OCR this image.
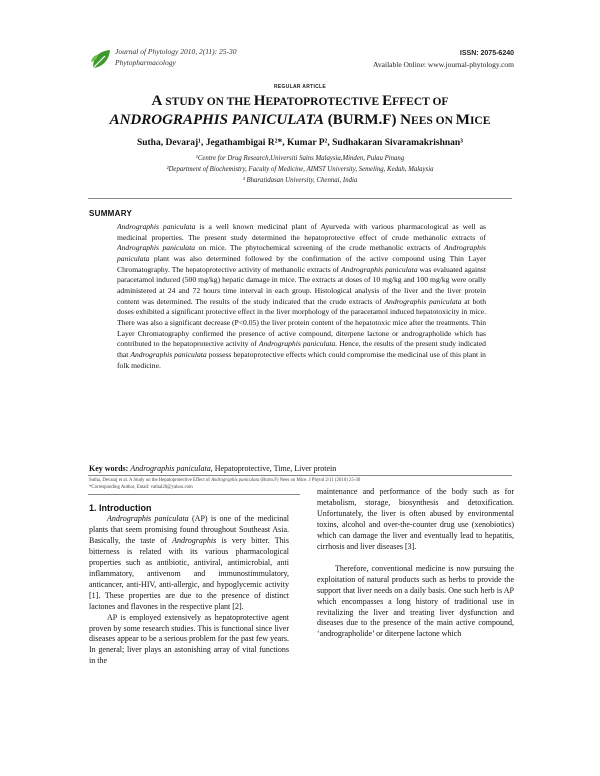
Journal of Phytology 2010, 2(11): 25-30
Phytopharmacology
ISSN: 2075-6240
Available Online: www.journal-phytology.com
REGULAR ARTICLE
A STUDY ON THE HEPATOPROTECTIVE EFFECT OF
ANDROGRAPHIS PANICULATA (BURM.F) NEES ON MICE
Sutha, Devaraj¹, Jegathambigai R²*, Kumar P², Sudhakaran Sivaramakrishnan³
¹Centre for Drug Research,Universiti Sains Malaysia,Minden, Pulau Pinang
²Department of Biochemistry, Faculty of Medicine, AIMST University, Semeling, Kedah, Malaysia
³ Bharatidasan University, Chennai, India
SUMMARY
Andrographis paniculata is a well known medicinal plant of Ayurveda with various pharmacological as well as medicinal properties. The present study determined the hepatoprotective effect of crude methanolic extracts of Andrographis paniculata on mice. The phytochemical screening of the crude methanolic extracts of Andrographis paniculata plant was also determined followed by the confirmation of the active compound using Thin Layer Chromatography. The hepatoprotective activity of methanolic extracts of Andrographis paniculata was evaluated against paracetamol induced (500 mg/kg) hepatic damage in mice. The extracts at doses of 10 mg/kg and 100 mg/kg were orally administered at 24 and 72 hours time interval in each group. Histological analysis of the liver and the liver protein content was determined. The results of the study indicated that the crude extracts of Andrographis paniculata at both doses exhibited a significant protective effect in the liver morphology of the paracetamol induced hepatotoxicity in mice. There was also a significant decrease (P<0.05) the liver protein content of the hepatotoxic mice after the treatments. Thin Layer Chromatography confirmed the presence of active compound, diterpene lactone or andrographolide which has contributed to the hepatoprotective activity of Andrographis paniculata. Hence, the results of the present study indicated that Andrographis paniculata possess hepatoprotective effects which could compromise the medicinal use of this plant in folk medicine.
Key words: Andrographis paniculata, Hepatoprotective, Time, Liver protein
Sutha, Devaraj et al. A Study on the Hepatoprotective Effect of Andrographis paniculata (Burm.F) Nees on Mice. J Phytol 2/11 (2010) 25-30
*Corresponding Author, Email: vathal20@yahoo.com
1. Introduction
Andrographis paniculata (AP) is one of the medicinal plants that seem promising found throughout Southeast Asia. Basically, the taste of Andrographis is very bitter. This bitterness is related with its various pharmacological properties such as antibiotic, antiviral, antimicrobial, anti inflammatory, antivenom and immunostimmulatory, anticancer, anti-HIV, anti-allergic, and hypoglycemic activity [1]. These properties are due to the presence of distinct lactones and flavones in the respective plant [2].
AP is employed extensively as hepatoprotective agent proven by some research studies. This is functional since liver diseases appear to be a serious problem for the past few years. In general; liver plays an astonishing array of vital functions in the
maintenance and performance of the body such as for metabolism, storage, biosynthesis and detoxification. Unfortunately, the liver is often abused by environmental toxins, alcohol and over-the-counter drug use (xenobiotics) which can damage the liver and eventually lead to hepatitis, cirrhosis and liver diseases [3].
Therefore, conventional medicine is now pursuing the exploitation of natural products such as herbs to provide the support that liver needs on a daily basis. One such herb is AP which encompasses a long history of traditional use in revitalizing the liver and treating liver dysfunction and diseases due to the presence of the main active compound, ‘andrographolide’ or diterpene lactone which
